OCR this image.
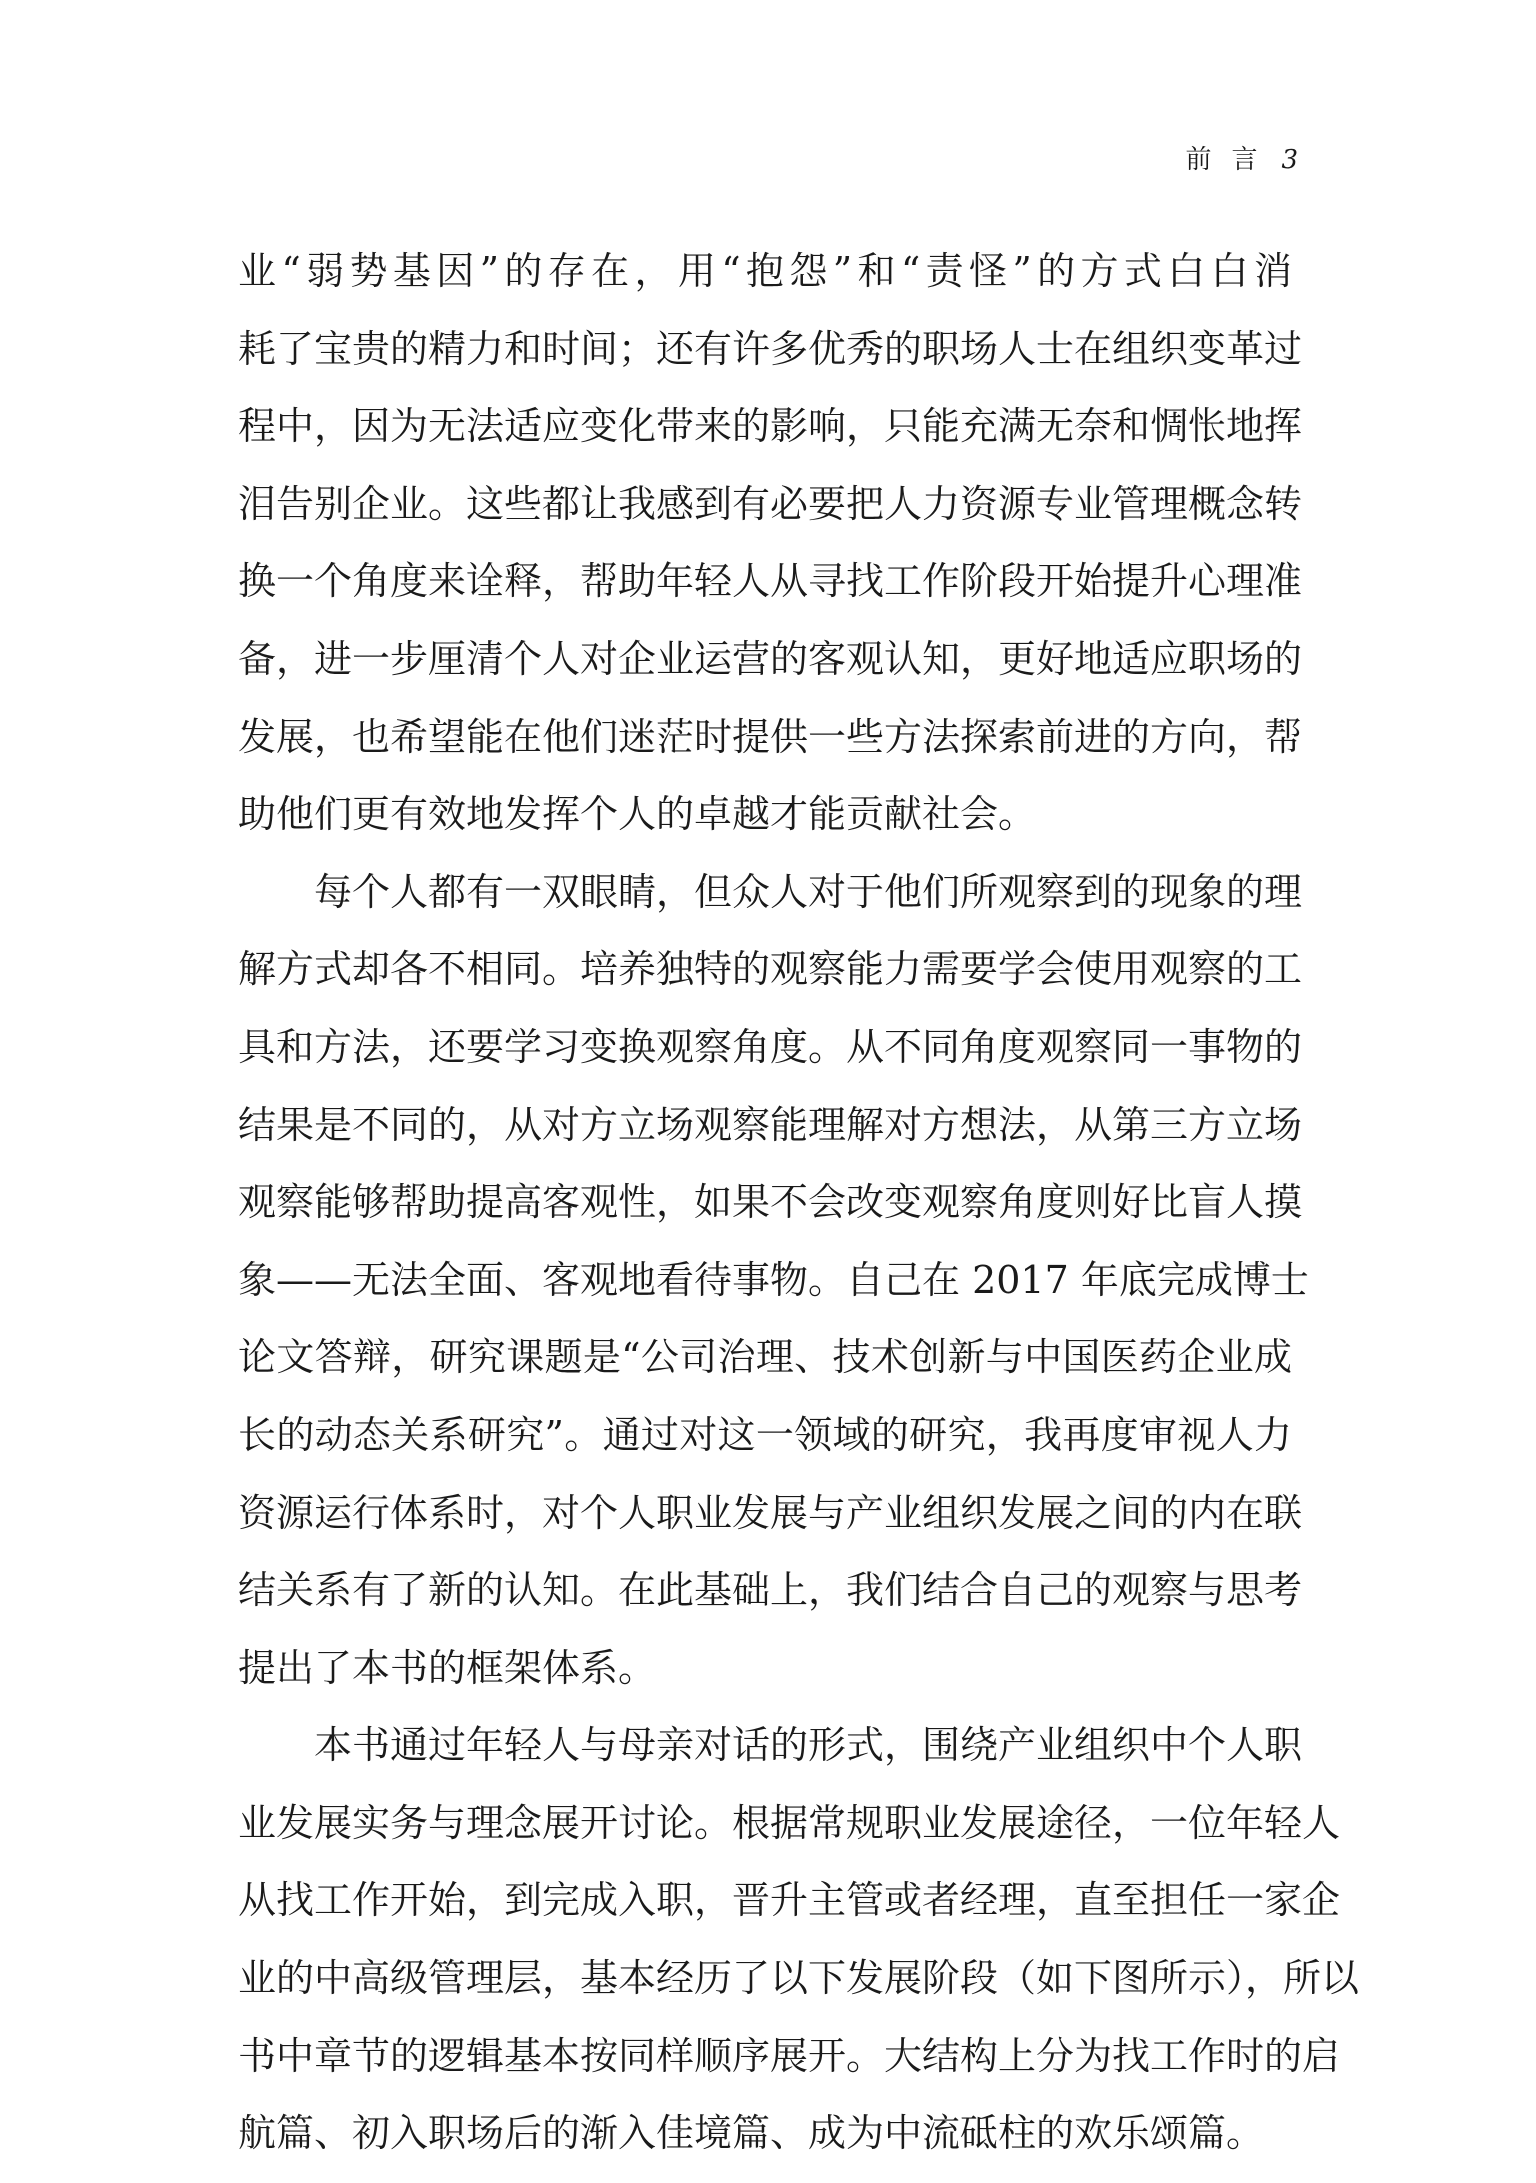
前言 3
业“弱势基因”的存在，用“抱怨”和“责怪”的方式白白消
耗了宝贵的精力和时间；还有许多优秀的职场人士在组织变革过
程中，因为无法适应变化带来的影响，只能充满无奈和惆怅地挥
泪告别企业。这些都让我感到有必要把人力资源专业管理概念转
换一个角度来诠释，帮助年轻人从寻找工作阶段开始提升心理准
备，进一步厘清个人对企业运营的客观认知，更好地适应职场的
发展，也希望能在他们迷茫时提供一些方法探索前进的方向，帮
助他们更有效地发挥个人的卓越才能贡献社会。
每个人都有一双眼睛，但众人对于他们所观察到的现象的理
解方式却各不相同。培养独特的观察能力需要学会使用观察的工
具和方法，还要学习变换观察角度。从不同角度观察同一事物的
结果是不同的，从对方立场观察能理解对方想法，从第三方立场
观察能够帮助提高客观性，如果不会改变观察角度则好比盲人摸
象——无法全面、客观地看待事物。自己在 2017 年底完成博士
论文答辩，研究课题是“公司治理、技术创新与中国医药企业成
长的动态关系研究”。通过对这一领域的研究，我再度审视人力
资源运行体系时，对个人职业发展与产业组织发展之间的内在联
结关系有了新的认知。在此基础上，我们结合自己的观察与思考
提出了本书的框架体系。
本书通过年轻人与母亲对话的形式，围绕产业组织中个人职
业发展实务与理念展开讨论。根据常规职业发展途径，一位年轻人
从找工作开始，到完成入职，晋升主管或者经理，直至担任一家企
业的中高级管理层，基本经历了以下发展阶段（如下图所示），所以
书中章节的逻辑基本按同样顺序展开。大结构上分为找工作时的启
航篇、初入职场后的渐入佳境篇、成为中流砥柱的欢乐颂篇。
